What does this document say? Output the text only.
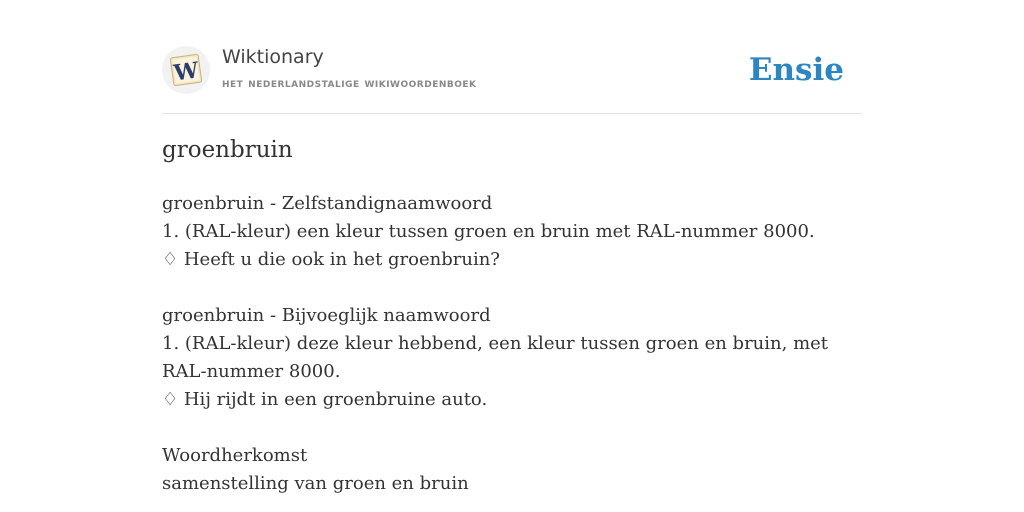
W
Wiktionary
het nederlandstalige wikiwoordenboek	Ensie
groenbruin

groenbruin - Zelfstandignaamwoord

1. (RAL-kleur) een kleur tussen groen en bruin met RAL-nummer 8000.

♢ Heeft u die ook in het groenbruin?

groenbruin - Bijvoeglijk naamwoord

1. (RAL-kleur) deze kleur hebbend, een kleur tussen groen en bruin, met RAL-nummer 8000.

♢ Hij rijdt in een groenbruine auto.

Woordherkomst

samenstelling van groen en bruin
